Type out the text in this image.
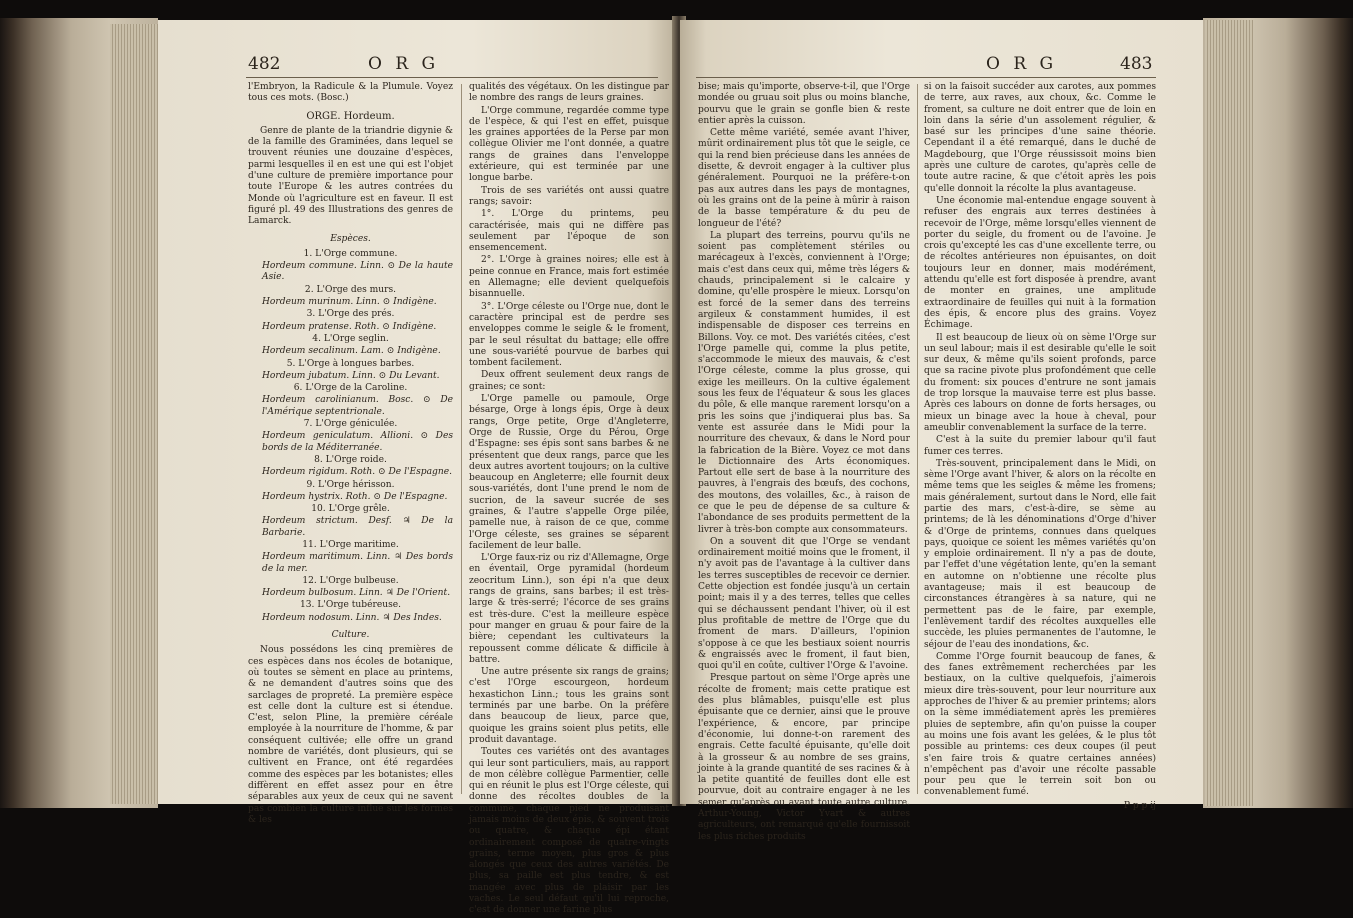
482	O R G

l'Embryon, la Radicule & la Plumule. Voyez tous ces mots. (Bosc.)

ORGE. Hordeum.

Genre de plante de la triandrie digynie & de la famille des Graminées, dans lequel se trouvent réunies une douzaine d'espèces, parmi lesquelles il en est une qui est l'objet d'une culture de première importance pour toute l'Europe & les autres contrées du Monde où l'agriculture est en faveur. Il est figuré pl. 49 des Illustrations des genres de Lamarck.

Espèces.

1. L'Orge commune.

Hordeum commune. Linn. ⊙ De la haute Asie.

2. L'Orge des murs.

Hordeum murinum. Linn. ⊙ Indigène.

3. L'Orge des prés.

Hordeum pratense. Roth. ⊙ Indigène.

4. L'Orge seglin.

Hordeum secalinum. Lam. ⊙ Indigène.

5. L'Orge à longues barbes.

Hordeum jubatum. Linn. ⊙ Du Levant.

6. L'Orge de la Caroline.

Hordeum carolinianum. Bosc. ⊙ De l'Amérique septentrionale.

7. L'Orge géniculée.

Hordeum geniculatum. Allioni. ⊙ Des bords de la Méditerranée.

8. L'Orge roide.

Hordeum rigidum. Roth. ⊙ De l'Espagne.

9. L'Orge hérisson.

Hordeum hystrix. Roth. ⊙ De l'Espagne.

10. L'Orge grêle.

Hordeum strictum. Desf. ♃ De la Barbarie.

11. L'Orge maritime.

Hordeum maritimum. Linn. ♃ Des bords de la mer.

12. L'Orge bulbeuse.

Hordeum bulbosum. Linn. ♃ De l'Orient.

13. L'Orge tubéreuse.

Hordeum nodosum. Linn. ♃ Des Indes.

Culture.

Nous possédons les cinq premières de ces espèces dans nos écoles de botanique, où toutes se sèment en place au printems, & ne demandent d'autres soins que des sarclages de propreté. La première espèce est celle dont la culture est si étendue. C'est, selon Pline, la première céréale employée à la nourriture de l'homme, & par conséquent cultivée; elle offre un grand nombre de variétés, dont plusieurs, qui se cultivent en France, ont été regardées comme des espèces par les botanistes; elles diffèrent en effet assez pour en être séparables aux yeux de ceux qui ne savent pas combien la culture influe sur les formes & les

qualités des végétaux. On les distingue par le nombre des rangs de leurs graines.

L'Orge commune, regardée comme type de l'espèce, & qui l'est en effet, puisque les graines apportées de la Perse par mon collègue Olivier me l'ont donnée, a quatre rangs de graines dans l'enveloppe extérieure, qui est terminée par une longue barbe.

Trois de ses variétés ont aussi quatre rangs; savoir:

1°. L'Orge du printems, peu caractérisée, mais qui ne diffère pas seulement par l'époque de son ensemencement.

2°. L'Orge à graines noires; elle est à peine connue en France, mais fort estimée en Allemagne; elle devient quelquefois bisannuelle.

3°. L'Orge céleste ou l'Orge nue, dont le caractère principal est de perdre ses enveloppes comme le seigle & le froment, par le seul résultat du battage; elle offre une sous-variété pourvue de barbes qui tombent facilement.

Deux offrent seulement deux rangs de graines; ce sont:

L'Orge pamelle ou pamoule, Orge bésarge, Orge à longs épis, Orge à deux rangs, Orge petite, Orge d'Angleterre, Orge de Russie, Orge du Pérou, Orge d'Espagne: ses épis sont sans barbes & ne présentent que deux rangs, parce que les deux autres avortent toujours; on la cultive beaucoup en Angleterre; elle fournit deux sous-variétés, dont l'une prend le nom de sucrion, de la saveur sucrée de ses graines, & l'autre s'appelle Orge pilée, pamelle nue, à raison de ce que, comme l'Orge céleste, ses graines se séparent facilement de leur balle.

L'Orge faux-riz ou riz d'Allemagne, Orge en éventail, Orge pyramidal (hordeum zeocritum Linn.), son épi n'a que deux rangs de grains, sans barbes; il est très-large & très-serré; l'écorce de ses grains est très-dure. C'est la meilleure espèce pour manger en gruau & pour faire de la bière; cependant les cultivateurs la repoussent comme délicate & difficile à battre.

Une autre présente six rangs de grains; c'est l'Orge escourgeon, hordeum hexastichon Linn.; tous les grains sont terminés par une barbe. On la préfère dans beaucoup de lieux, parce que, quoique les grains soient plus petits, elle produit davantage.

Toutes ces variétés ont des avantages qui leur sont particuliers, mais, au rapport de mon célèbre collègue Parmentier, celle qui en réunit le plus est l'Orge céleste, qui donne des récoltes doubles de la commune, chaque pied ne produisant jamais moins de deux épis, & souvent trois ou quatre, & chaque épi étant ordinairement composé de quatre-vingts grains, terme moyen, plus gros & plus alongés que ceux des autres variétés. De plus, sa paille est plus tendre, & est mangée avec plus de plaisir par les vaches. Le seul défaut qu'il lui reproche, c'est de donner une farine plus

O R G	483

bise; mais qu'importe, observe-t-il, que l'Orge mondée ou gruau soit plus ou moins blanche, pourvu que le grain se gonfle bien & reste entier après la cuisson.

Cette même variété, semée avant l'hiver, mûrit ordinairement plus tôt que le seigle, ce qui la rend bien précieuse dans les années de disette, & devroit engager à la cultiver plus généralement. Pourquoi ne la préfère-t-on pas aux autres dans les pays de montagnes, où les grains ont de la peine à mûrir à raison de la basse température & du peu de longueur de l'été?

La plupart des terreins, pourvu qu'ils ne soient pas complètement stériles ou marécageux à l'excès, conviennent à l'Orge; mais c'est dans ceux qui, même très légers & chauds, principalement si le calcaire y domine, qu'elle prospère le mieux. Lorsqu'on est forcé de la semer dans des terreins argileux & constamment humides, il est indispensable de disposer ces terreins en Billons. Voy. ce mot. Des variétés citées, c'est l'Orge pamelle qui, comme la plus petite, s'accommode le mieux des mauvais, & c'est l'Orge céleste, comme la plus grosse, qui exige les meilleurs. On la cultive également sous les feux de l'équateur & sous les glaces du pôle, & elle manque rarement lorsqu'on a pris les soins que j'indiquerai plus bas. Sa vente est assurée dans le Midi pour la nourriture des chevaux, & dans le Nord pour la fabrication de la Bière. Voyez ce mot dans le Dictionnaire des Arts économiques. Partout elle sert de base à la nourriture des pauvres, à l'engrais des bœufs, des cochons, des moutons, des volailles, &c., à raison de ce que le peu de dépense de sa culture & l'abondance de ses produits permettent de la livrer à très-bon compte aux consommateurs.

On a souvent dit que l'Orge se vendant ordinairement moitié moins que le froment, il n'y avoit pas de l'avantage à la cultiver dans les terres susceptibles de recevoir ce dernier. Cette objection est fondée jusqu'à un certain point; mais il y a des terres, telles que celles qui se déchaussent pendant l'hiver, où il est plus profitable de mettre de l'Orge que du froment de mars. D'ailleurs, l'opinion s'oppose à ce que les bestiaux soient nourris & engraissés avec le froment, il faut bien, quoi qu'il en coûte, cultiver l'Orge & l'avoine.

Presque partout on sème l'Orge après une récolte de froment; mais cette pratique est des plus blâmables, puisqu'elle est plus épuisante que ce dernier, ainsi que le prouve l'expérience, & encore, par principe d'économie, lui donne-t-on rarement des engrais. Cette faculté épuisante, qu'elle doit à la grosseur & au nombre de ses grains, jointe à la grande quantité de ses racines & à la petite quantité de feuilles dont elle est pourvue, doit au contraire engager à ne les semer qu'après ou avant toute autre culture. Arthur-Young, Victor Yvart & autres agriculteurs, ont remarqué qu'elle fournissoit les plus riches produits

si on la faisoit succéder aux carotes, aux pommes de terre, aux raves, aux choux, &c. Comme le froment, sa culture ne doit entrer que de loin en loin dans la série d'un assolement régulier, & basé sur les principes d'une saine théorie. Cependant il a été remarqué, dans le duché de Magdebourg, que l'Orge réussissoit moins bien après une culture de carotes, qu'après celle de toute autre racine, & que c'étoit après les pois qu'elle donnoit la récolte la plus avantageuse.

Une économie mal-entendue engage souvent à refuser des engrais aux terres destinées à recevoir de l'Orge, même lorsqu'elles viennent de porter du seigle, du froment ou de l'avoine. Je crois qu'excepté les cas d'une excellente terre, ou de récoltes antérieures non épuisantes, on doit toujours leur en donner, mais modérément, attendu qu'elle est fort disposée à prendre, avant de monter en graines, une amplitude extraordinaire de feuilles qui nuit à la formation des épis, & encore plus des grains. Voyez Échimage.

Il est beaucoup de lieux où on sème l'Orge sur un seul labour; mais il est desirable qu'elle le soit sur deux, & même qu'ils soient profonds, parce que sa racine pivote plus profondément que celle du froment: six pouces d'entrure ne sont jamais de trop lorsque la mauvaise terre est plus basse. Après ces labours on donne de forts hersages, ou mieux un binage avec la houe à cheval, pour ameublir convenablement la surface de la terre.

C'est à la suite du premier labour qu'il faut fumer ces terres.

Très-souvent, principalement dans le Midi, on sème l'Orge avant l'hiver, & alors on la récolte en même tems que les seigles & même les fromens; mais généralement, surtout dans le Nord, elle fait partie des mars, c'est-à-dire, se sème au printems; de là les dénominations d'Orge d'hiver & d'Orge de printems, connues dans quelques pays, quoique ce soient les mêmes variétés qu'on y emploie ordinairement. Il n'y a pas de doute, par l'effet d'une végétation lente, qu'en la semant en automne on n'obtienne une récolte plus avantageuse; mais il est beaucoup de circonstances étrangères à sa nature, qui ne permettent pas de le faire, par exemple, l'enlèvement tardif des récoltes auxquelles elle succède, les pluies permanentes de l'automne, le séjour de l'eau des inondations, &c.

Comme l'Orge fournit beaucoup de fanes, & des fanes extrêmement recherchées par les bestiaux, on la cultive quelquefois, j'aimerois mieux dire très-souvent, pour leur nourriture aux approches de l'hiver & au premier printems; alors on la sème immédiatement après les premières pluies de septembre, afin qu'on puisse la couper au moins une fois avant les gelées, & le plus tôt possible au printems: ces deux coupes (il peut s'en faire trois & quatre certaines années) n'empêchent pas d'avoir une récolte passable pour peu que le terrein soit bon ou convenablement fumé.

P p p ij
